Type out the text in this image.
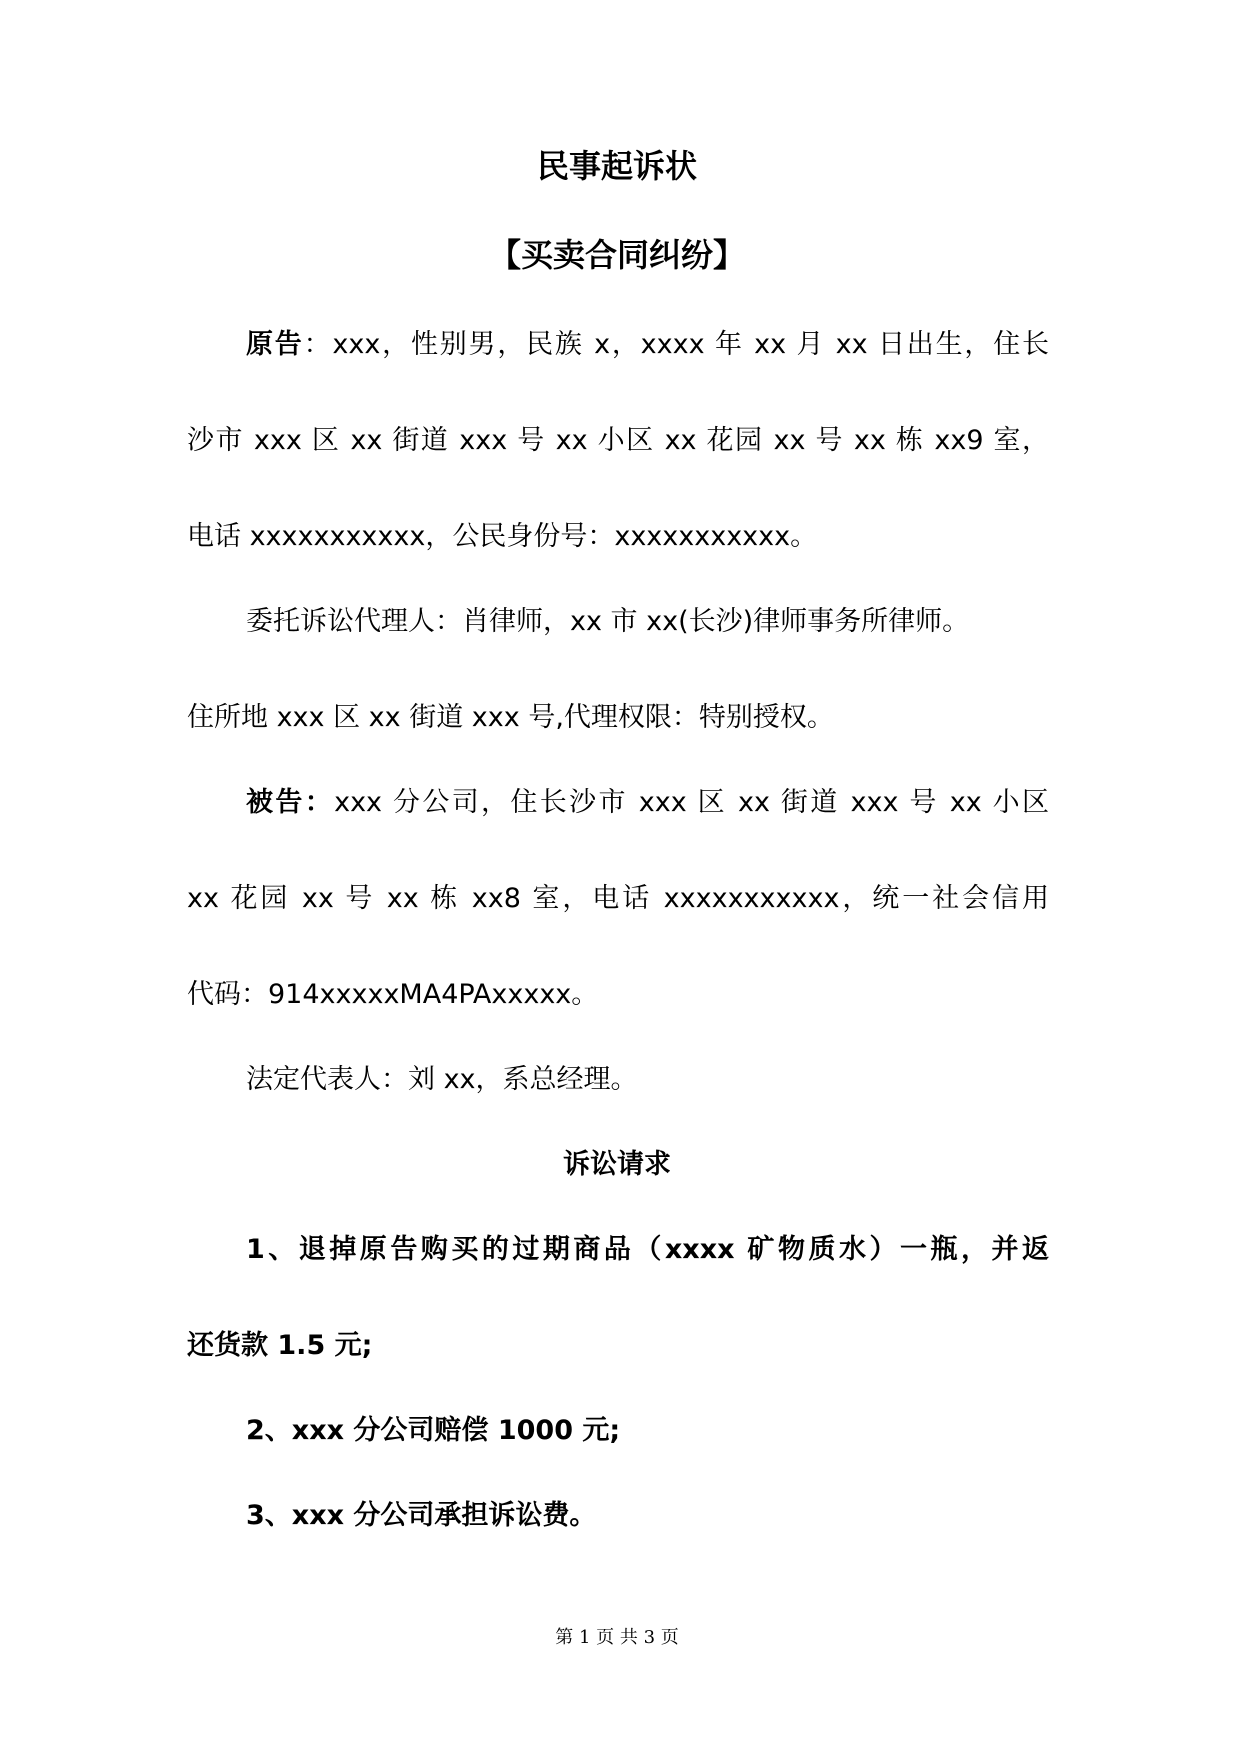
民事起诉状
【买卖合同纠纷】
原告：xxx，性别男，民族 x，xxxx 年 xx 月 xx 日出生，住长
沙市 xxx 区 xx 街道 xxx 号 xx 小区 xx 花园 xx 号 xx 栋 xx9 室，
电话 xxxxxxxxxxx，公民身份号：xxxxxxxxxxx。
委托诉讼代理人：肖律师，xx 市 xx(长沙)律师事务所律师。
住所地 xxx 区 xx 街道 xxx 号,代理权限：特别授权。
被告：xxx 分公司，住长沙市 xxx 区 xx 街道 xxx 号 xx 小区
xx 花园 xx 号 xx 栋 xx8 室，电话 xxxxxxxxxxx，统一社会信用
代码：914xxxxxMA4PAxxxxx。
法定代表人：刘 xx，系总经理。
诉讼请求
1、退掉原告购买的过期商品（xxxx 矿物质水）一瓶，并返
还货款 1.5 元;
2、xxx 分公司赔偿 1000 元;
3、xxx 分公司承担诉讼费。
第 1 页 共 3 页
